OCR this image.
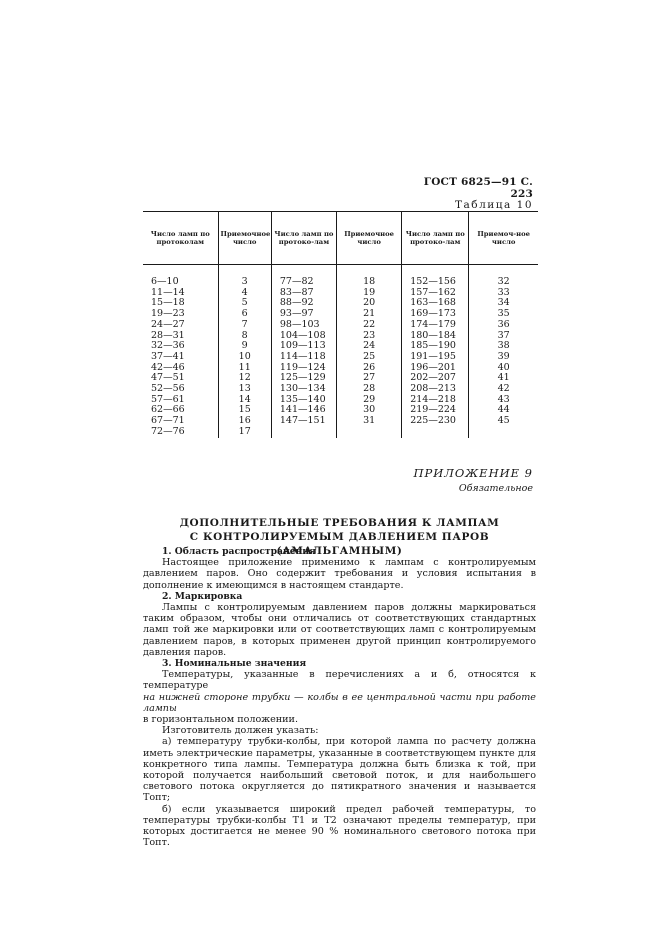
ГОСТ 6825—91 С. 223
Таблица 10
Число ламп по протоколам	Приемочное число	Число ламп по протоко-лам	Приемочное число	Число ламп по протоко-лам	Приемоч-ное число

6—10	3	77—82	18	152—156	32
11—14	4	83—87	19	157—162	33
15—18	5	88—92	20	163—168	34
19—23	6	93—97	21	169—173	35
24—27	7	98—103	22	174—179	36
28—31	8	104—108	23	180—184	37
32—36	9	109—113	24	185—190	38
37—41	10	114—118	25	191—195	39
42—46	11	119—124	26	196—201	40
47—51	12	125—129	27	202—207	41
52—56	13	130—134	28	208—213	42
57—61	14	135—140	29	214—218	43
62—66	15	141—146	30	219—224	44
67—71	16	147—151	31	225—230	45
72—76	17				
ПРИЛОЖЕНИЕ 9
Обязательное
ДОПОЛНИТЕЛЬНЫЕ ТРЕБОВАНИЯ К ЛАМПАМ
С КОНТРОЛИРУЕМЫМ ДАВЛЕНИЕМ ПАРОВ (АМАЛЬГАМНЫМ)

1. Область распространения

Настоящее приложение применимо к лампам с контролируемым давлением паров. Оно содержит требования и условия испытания в дополнение к имеющимся в настоящем стандарте.

2. Маркировка

Лампы с контролируемым давлением паров должны маркироваться таким образом, чтобы они отличались от соответствующих стандартных ламп той же маркировки или от соответствующих ламп с контролируемым давлением паров, в которых применен другой принцип контролируемого давления паров.

3. Номинальные значения

Температуры, указанные в перечислениях а и б, относятся к температуре

на нижней стороне трубки — колбы в ее центральной части при работе лампы

в горизонтальном положении.

Изготовитель должен указать:

а) температуру трубки-колбы, при которой лампа по расчету должна иметь электрические параметры, указанные в соответствующем пункте для конкретного типа лампы. Температура должна быть близка к той, при которой получается наибольший световой поток, и для наибольшего светового потока округляется до пятикратного значения и называется Tопт;

б) если указывается широкий предел рабочей температуры, то температуры трубки-колбы T1 и T2 означают пределы температур, при которых достигается не менее 90 % номинального светового потока при Tопт.
